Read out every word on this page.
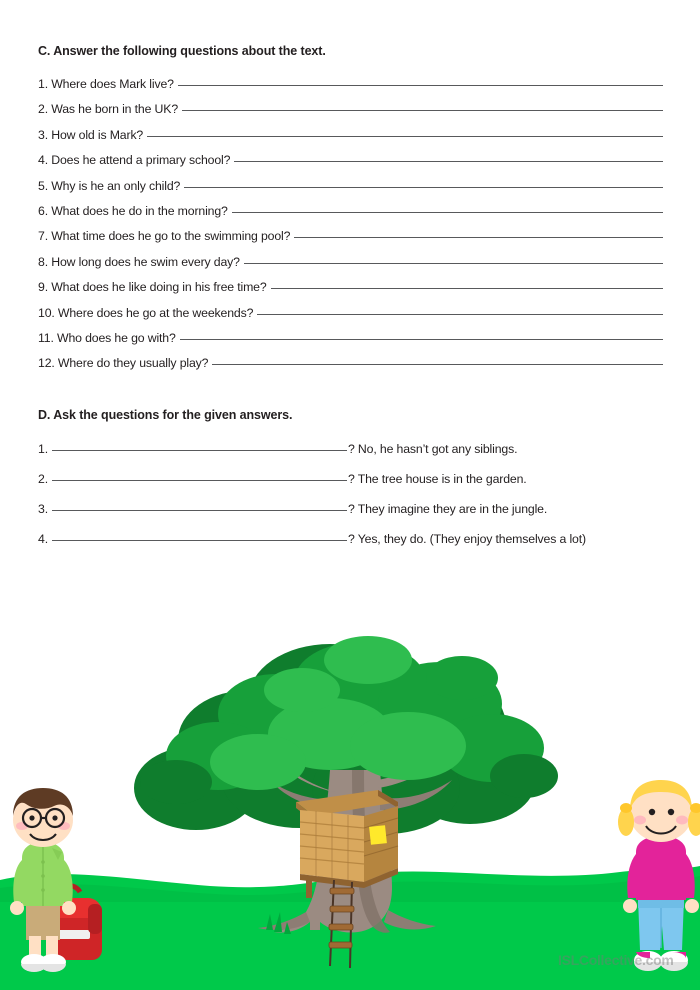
C. Answer the following questions about the text.
1. Where does Mark live?
2. Was he born in the UK?
3. How old is Mark?
4. Does he attend a primary school?
5. Why is he an only child?
6. What does he do in the morning?
7. What time does he go to the swimming pool?
8. How long does he swim every day?
9. What does he like doing in his free time?
10. Where does he go at the weekends?
11. Who does he go with?
12. Where do they usually play?
D. Ask the questions for the given answers.
1.	? No, he hasn’t got any siblings.
2.	? The tree house is in the garden.
3.	? They imagine they are in the jungle.
4.	? Yes, they do. (They enjoy themselves a lot)
ISLCollective.com
